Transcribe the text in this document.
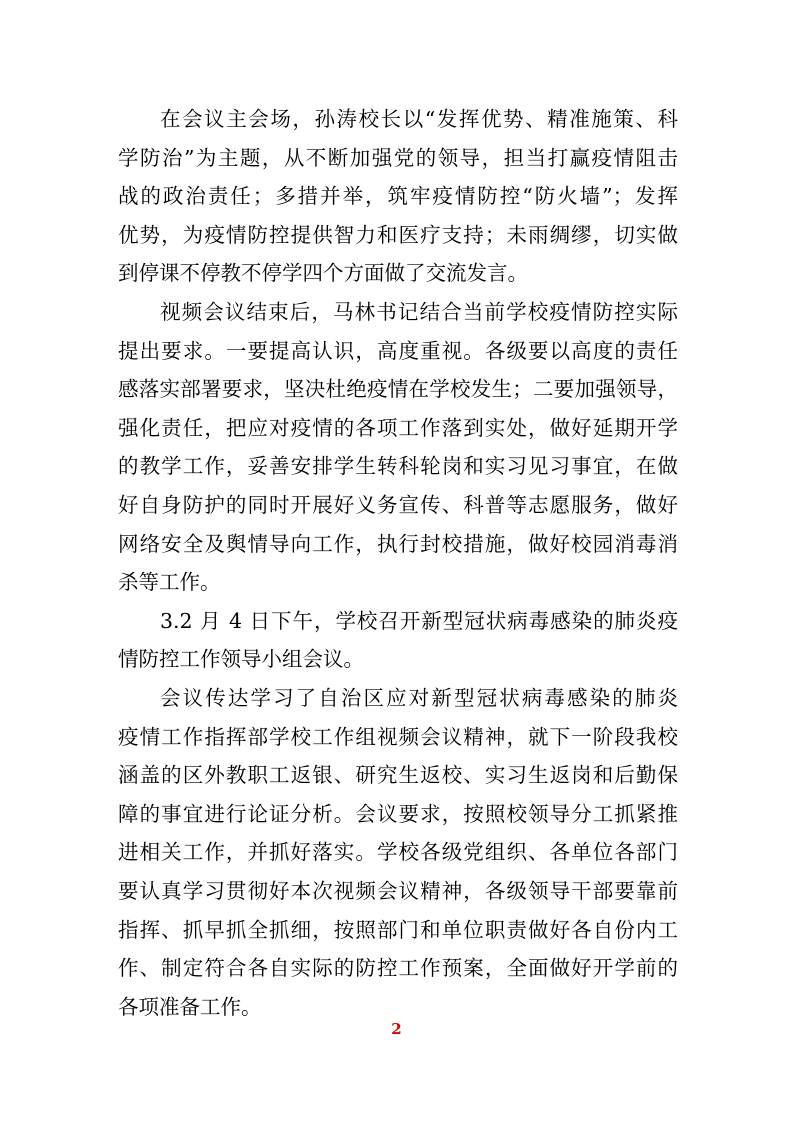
在会议主会场，孙涛校长以“发挥优势、精准施策、科
学防治”为主题，从不断加强党的领导，担当打赢疫情阻击
战的政治责任；多措并举，筑牢疫情防控“防火墙”；发挥
优势，为疫情防控提供智力和医疗支持；未雨绸缪，切实做
到停课不停教不停学四个方面做了交流发言。
视频会议结束后，马林书记结合当前学校疫情防控实际
提出要求。一要提高认识，高度重视。各级要以高度的责任
感落实部署要求，坚决杜绝疫情在学校发生；二要加强领导，
强化责任，把应对疫情的各项工作落到实处，做好延期开学
的教学工作，妥善安排学生转科轮岗和实习见习事宜，在做
好自身防护的同时开展好义务宣传、科普等志愿服务，做好
网络安全及舆情导向工作，执行封校措施，做好校园消毒消
杀等工作。
3.2 月 4 日下午，学校召开新型冠状病毒感染的肺炎疫
情防控工作领导小组会议。
会议传达学习了自治区应对新型冠状病毒感染的肺炎
疫情工作指挥部学校工作组视频会议精神，就下一阶段我校
涵盖的区外教职工返银、研究生返校、实习生返岗和后勤保
障的事宜进行论证分析。会议要求，按照校领导分工抓紧推
进相关工作，并抓好落实。学校各级党组织、各单位各部门
要认真学习贯彻好本次视频会议精神，各级领导干部要靠前
指挥、抓早抓全抓细，按照部门和单位职责做好各自份内工
作、制定符合各自实际的防控工作预案，全面做好开学前的
各项准备工作。
2
